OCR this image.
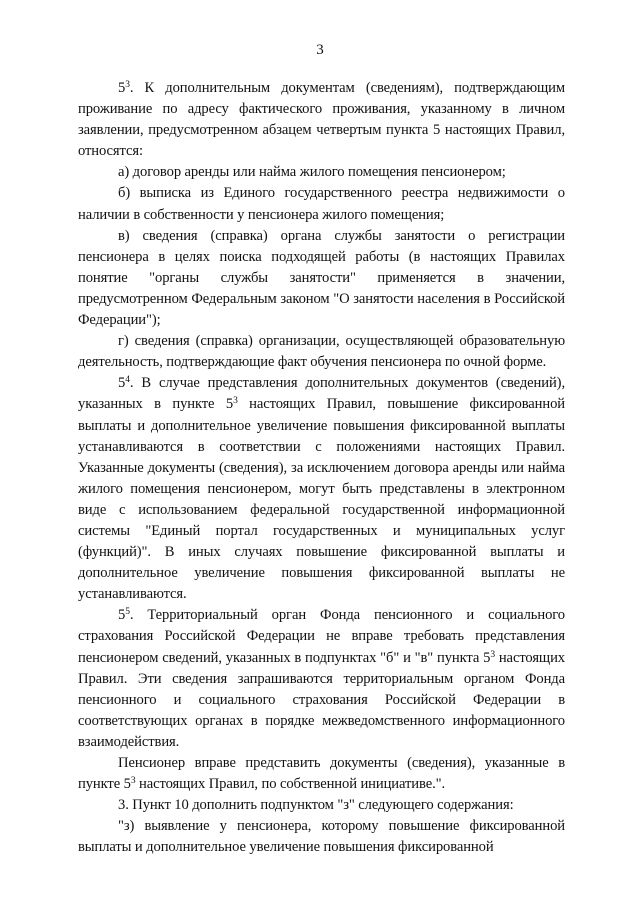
3

$5^3$. К дополнительным документам (сведениям), подтверждающим проживание по адресу фактического проживания, указанному в личном заявлении, предусмотренном абзацем четвертым пункта 5 настоящих Правил, относятся:

а) договор аренды или найма жилого помещения пенсионером;

б) выписка из Единого государственного реестра недвижимости о наличии в собственности у пенсионера жилого помещения;

в) сведения (справка) органа службы занятости о регистрации пенсионера в целях поиска подходящей работы (в настоящих Правилах понятие "органы службы занятости" применяется в значении, предусмотренном Федеральным законом "О занятости населения в Российской Федерации");

г) сведения (справка) организации, осуществляющей образовательную деятельность, подтверждающие факт обучения пенсионера по очной форме.

$5^4$. В случае представления дополнительных документов (сведений), указанных в пункте $5^3$ настоящих Правил, повышение фиксированной выплаты и дополнительное увеличение повышения фиксированной выплаты устанавливаются в соответствии с положениями настоящих Правил. Указанные документы (сведения), за исключением договора аренды или найма жилого помещения пенсионером, могут быть представлены в электронном виде с использованием федеральной государственной информационной системы "Единый портал государственных и муниципальных услуг (функций)". В иных случаях повышение фиксированной выплаты и дополнительное увеличение повышения фиксированной выплаты не устанавливаются.

$5^5$. Территориальный орган Фонда пенсионного и социального страхования Российской Федерации не вправе требовать представления пенсионером сведений, указанных в подпунктах "б" и "в" пункта $5^3$ настоящих Правил. Эти сведения запрашиваются территориальным органом Фонда пенсионного и социального страхования Российской Федерации в соответствующих органах в порядке межведомственного информационного взаимодействия.

Пенсионер вправе представить документы (сведения), указанные в пункте $5^3$ настоящих Правил, по собственной инициативе.".

3. Пункт 10 дополнить подпунктом "з" следующего содержания:

"з) выявление у пенсионера, которому повышение фиксированной выплаты и дополнительное увеличение повышения фиксированной
